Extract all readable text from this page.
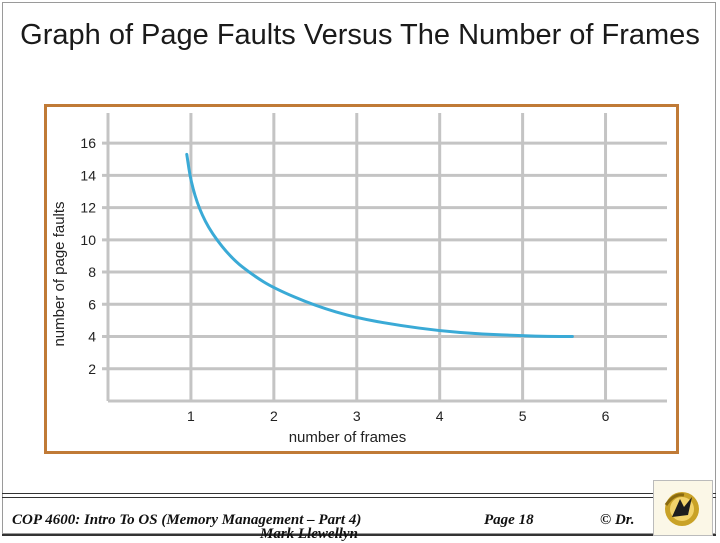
Graph of Page Faults Versus The Number of Frames
1	2	3	4	5	6
2
4
6
8
10
12
14
16
number of frames
number of page faults
COP 4600: Intro To OS (Memory Management – Part 4)	Page 18	© Dr.
Mark Llewellyn
